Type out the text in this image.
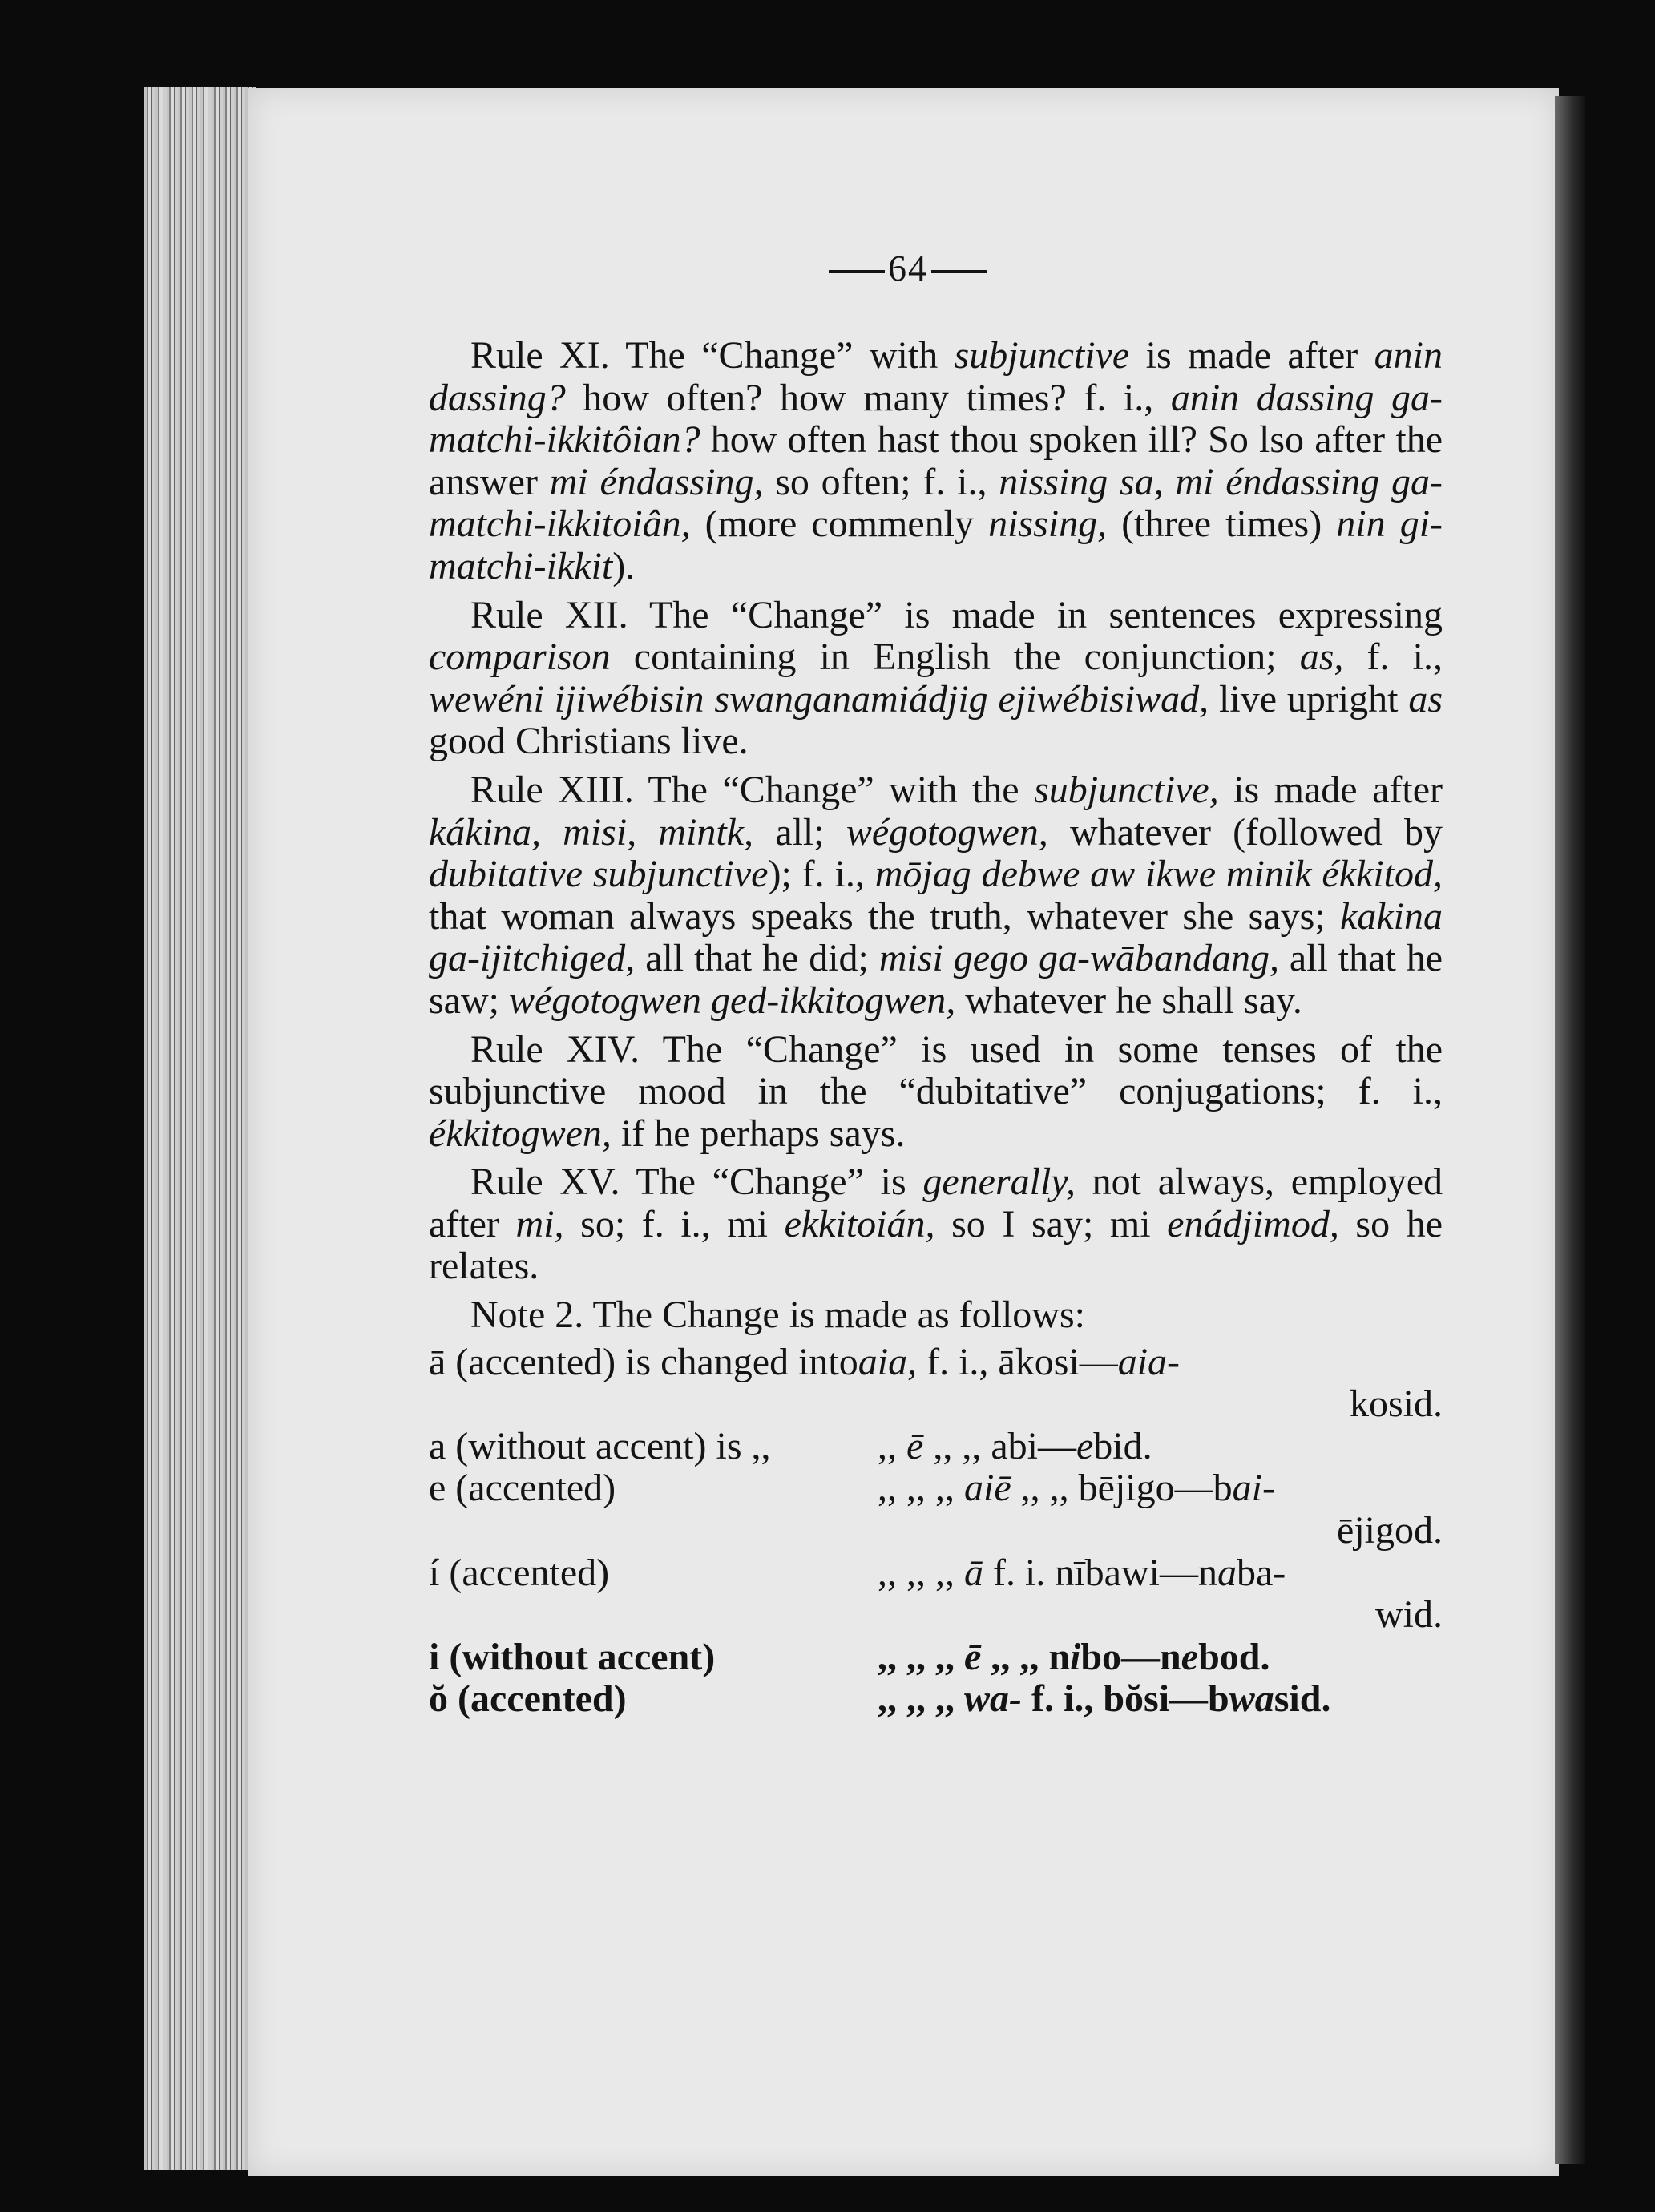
64

Rule XI. The “Change” with subjunctive is made after anin dassing? how often? how many times? f. i., anin dassing ga-matchi-ikkitôian? how often hast thou spoken ill? So lso after the answer mi éndassing, so often; f. i., nissing sa, mi éndassing ga-matchi-ikkitoiân, (more commenly nissing, (three times) nin gi-matchi-ikkit).

Rule XII. The “Change” is made in sentences expressing comparison containing in English the conjunction; as, f. i., wewéni ijiwébisin swanganamiádjig ejiwébisiwad, live upright as good Christians live.

Rule XIII. The “Change” with the subjunctive, is made after kákina, misi, mintk, all; wégotogwen, whatever (followed by dubitative subjunctive); f. i., mōjag debwe aw ikwe minik ékkitod, that woman always speaks the truth, whatever she says; kakina ga-ijitchiged, all that he did; misi gego ga-wābandang, all that he saw; wégotogwen ged-ikkitogwen, whatever he shall say.

Rule XIV. The “Change” is used in some tenses of the subjunctive mood in the “dubitative” conjugations; f. i., ékkitogwen, if he perhaps says.

Rule XV. The “Change” is generally, not always, employed after mi, so; f. i., mi ekkitoián, so I say; mi enádjimod, so he relates.

Note 2. The Change is made as follows:

ā (accented) is changed into aia, f. i., ākosi—aia-
kosid.
a (without accent) is ,,	,, ē ,, ,, abi—ebid.
e (accented)	,, ,, ,, aiē ,, ,, bējigo—bai-
ējigod.
í (accented)	,, ,, ,, ā f. i. nībawi—naba-
wid.
i (without accent)	,, ,, ,, ē ,, ,, nibo—nebod.
ŏ (accented)	,, ,, ,, wa- f. i., bŏsi—bwasid.
